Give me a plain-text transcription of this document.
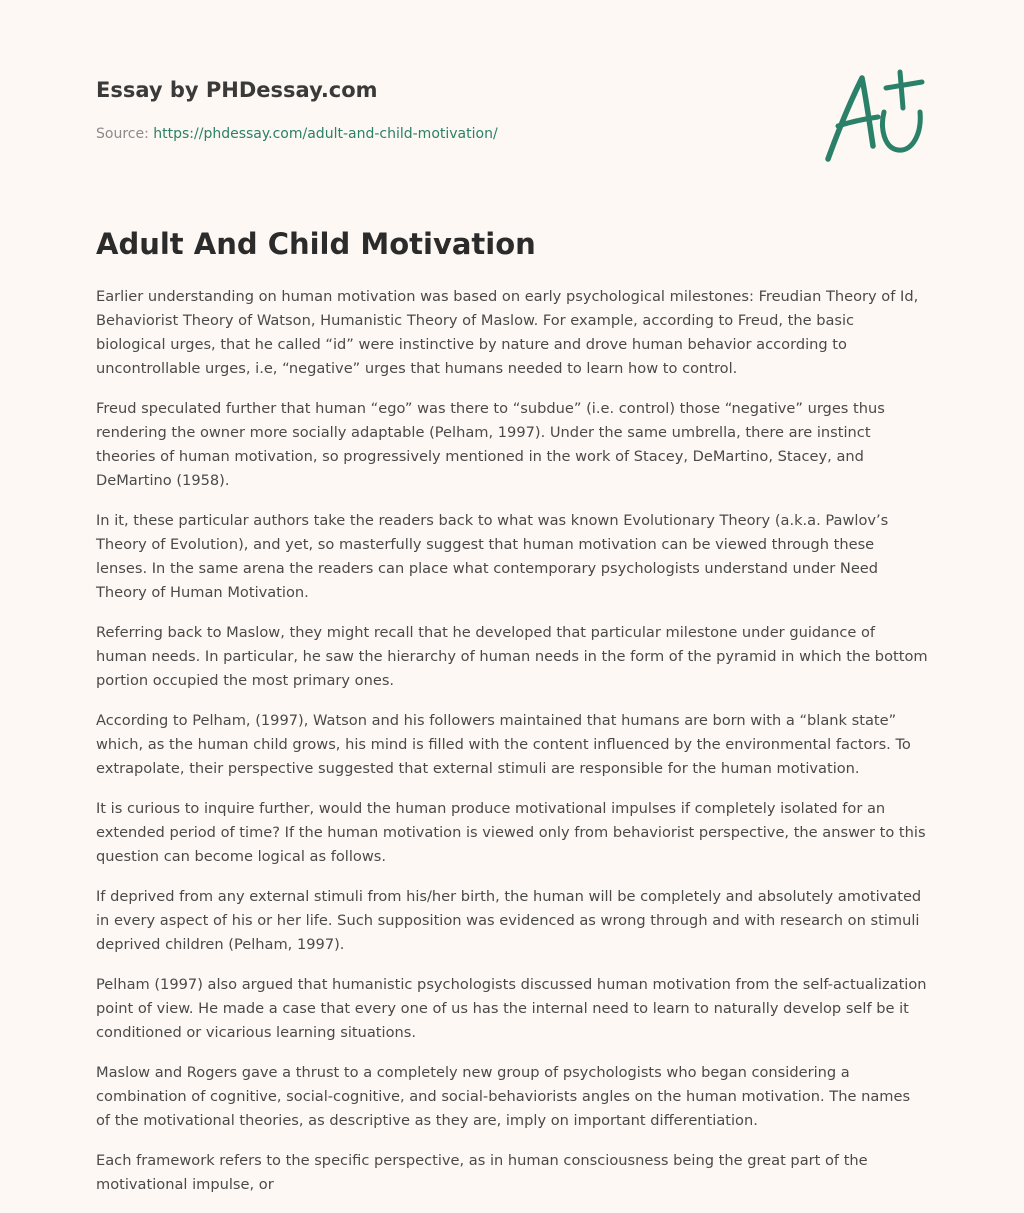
Essay by PHDessay.com
Source: https://phdessay.com/adult-and-child-motivation/
Adult And Child Motivation

Earlier understanding on human motivation was based on early psychological milestones: Freudian Theory of Id, Behaviorist Theory of Watson, Humanistic Theory of Maslow. For example, according to Freud, the basic biological urges, that he called “id” were instinctive by nature and drove human behavior according to uncontrollable urges, i.e, “negative” urges that humans needed to learn how to control.

Freud speculated further that human “ego” was there to “subdue” (i.e. control) those “negative” urges thus rendering the owner more socially adaptable (Pelham, 1997). Under the same umbrella, there are instinct theories of human motivation, so progressively mentioned in the work of Stacey, DeMartino, Stacey, and DeMartino (1958).

In it, these particular authors take the readers back to what was known Evolutionary Theory (a.k.a. Pawlov’s Theory of Evolution), and yet, so masterfully suggest that human motivation can be viewed through these lenses. In the same arena the readers can place what contemporary psychologists understand under Need Theory of Human Motivation.

Referring back to Maslow, they might recall that he developed that particular milestone under guidance of human needs. In particular, he saw the hierarchy of human needs in the form of the pyramid in which the bottom portion occupied the most primary ones.

According to Pelham, (1997), Watson and his followers maintained that humans are born with a “blank state” which, as the human child grows, his mind is filled with the content influenced by the environmental factors. To extrapolate, their perspective suggested that external stimuli are responsible for the human motivation.

It is curious to inquire further, would the human produce motivational impulses if completely isolated for an extended period of time? If the human motivation is viewed only from behaviorist perspective, the answer to this question can become logical as follows.

If deprived from any external stimuli from his/her birth, the human will be completely and absolutely amotivated in every aspect of his or her life. Such supposition was evidenced as wrong through and with research on stimuli deprived children (Pelham, 1997).

Pelham (1997) also argued that humanistic psychologists discussed human motivation from the self-actualization point of view. He made a case that every one of us has the internal need to learn to naturally develop self be it conditioned or vicarious learning situations.

Maslow and Rogers gave a thrust to a completely new group of psychologists who began considering a combination of cognitive, social-cognitive, and social-behaviorists angles on the human motivation. The names of the motivational theories, as descriptive as they are, imply on important differentiation.

Each framework refers to the specific perspective, as in human consciousness being the great part of the motivational impulse, or
